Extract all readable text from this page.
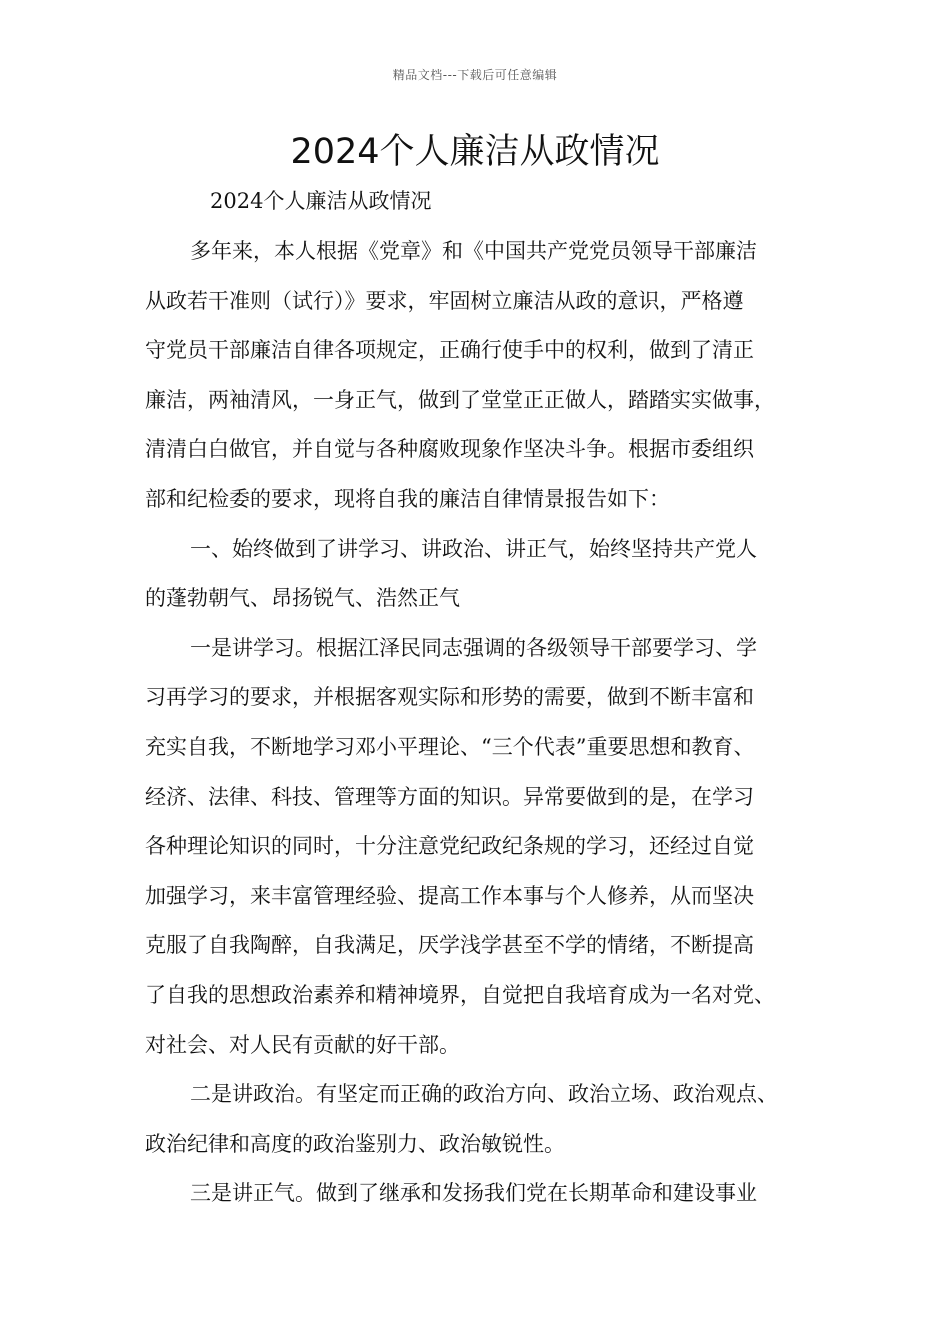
精品文档---下载后可任意编辑
2024个人廉洁从政情况
2024个人廉洁从政情况
多年来，本人根据《党章》和《中国共产党党员领导干部廉洁
从政若干准则（试行）》要求，牢固树立廉洁从政的意识，严格遵
守党员干部廉洁自律各项规定，正确行使手中的权利，做到了清正
廉洁，两袖清风，一身正气，做到了堂堂正正做人，踏踏实实做事，
清清白白做官，并自觉与各种腐败现象作坚决斗争。根据市委组织
部和纪检委的要求，现将自我的廉洁自律情景报告如下：
一、始终做到了讲学习、讲政治、讲正气，始终坚持共产党人
的蓬勃朝气、昂扬锐气、浩然正气
一是讲学习。根据江泽民同志强调的各级领导干部要学习、学
习再学习的要求，并根据客观实际和形势的需要，做到不断丰富和
充实自我，不断地学习邓小平理论、“三个代表”重要思想和教育、
经济、法律、科技、管理等方面的知识。异常要做到的是，在学习
各种理论知识的同时，十分注意党纪政纪条规的学习，还经过自觉
加强学习，来丰富管理经验、提高工作本事与个人修养，从而坚决
克服了自我陶醉，自我满足，厌学浅学甚至不学的情绪，不断提高
了自我的思想政治素养和精神境界，自觉把自我培育成为一名对党、
对社会、对人民有贡献的好干部。
二是讲政治。有坚定而正确的政治方向、政治立场、政治观点、
政治纪律和高度的政治鉴别力、政治敏锐性。
三是讲正气。做到了继承和发扬我们党在长期革命和建设事业
